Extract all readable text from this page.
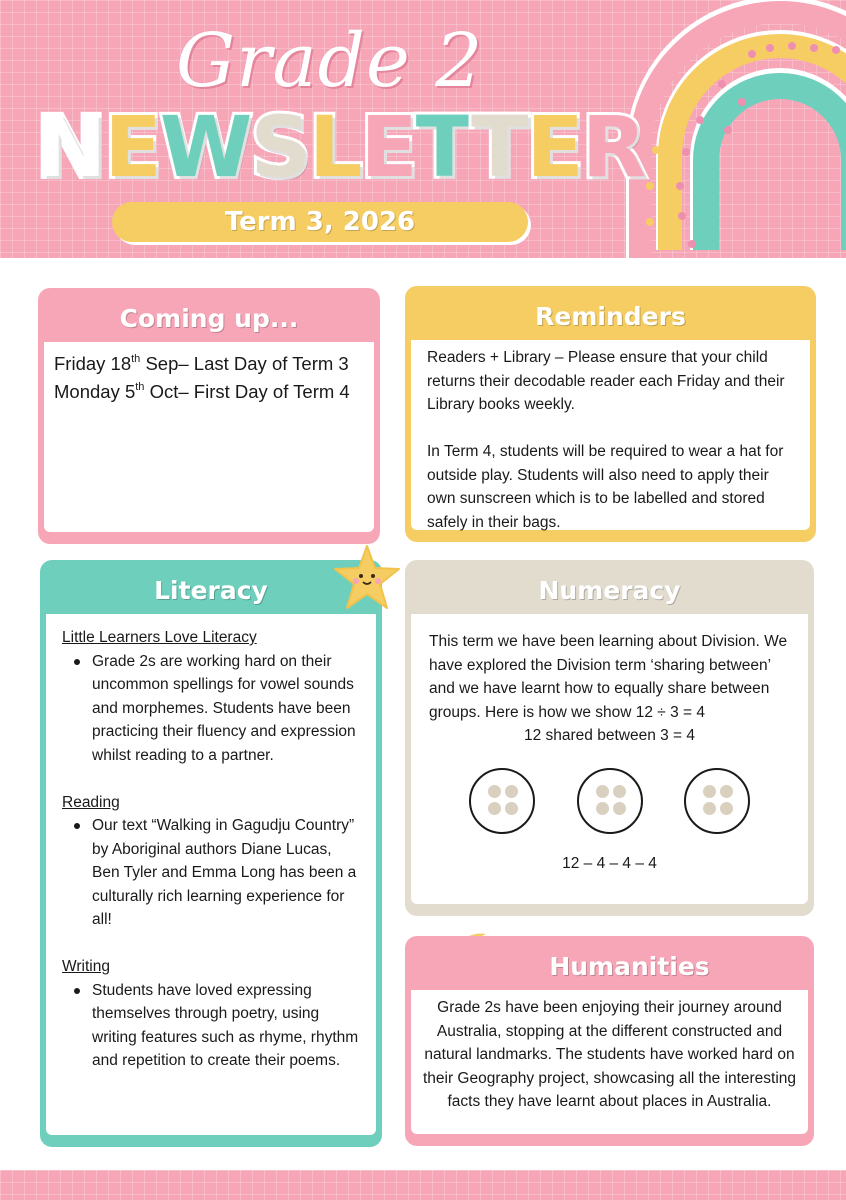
Grade 2
N E W S L E T T E R
Term 3, 2026
Coming up...
Friday 18th Sep– Last Day of Term 3
Monday 5th Oct– First Day of Term 4
Reminders

Readers + Library – Please ensure that your child returns their decodable reader each Friday and their Library books weekly.

In Term 4, students will be required to wear a hat for outside play. Students will also need to apply their own sunscreen which is to be labelled and stored safely in their bags.

Literacy
Little Learners Love Literacy
Grade 2s are working hard on their uncommon spellings for vowel sounds and morphemes. Students have been practicing their fluency and expression whilst reading to a partner.
Reading
Our text “Walking in Gagudju Country” by Aboriginal authors Diane Lucas, Ben Tyler and Emma Long has been a culturally rich learning experience for all!
Writing
Students have loved expressing themselves through poetry, using writing features such as rhyme, rhythm and repetition to create their poems.
Numeracy
This term we have been learning about Division. We have explored the Division term ‘sharing between’ and we have learnt how to equally share between groups. Here is how we show 12 ÷ 3 = 4
12 shared between 3 = 4
12 – 4 – 4 – 4
Humanities
Grade 2s have been enjoying their journey around Australia, stopping at the different constructed and natural landmarks. The students have worked hard on their Geography project, showcasing all the interesting facts they have learnt about places in Australia.
